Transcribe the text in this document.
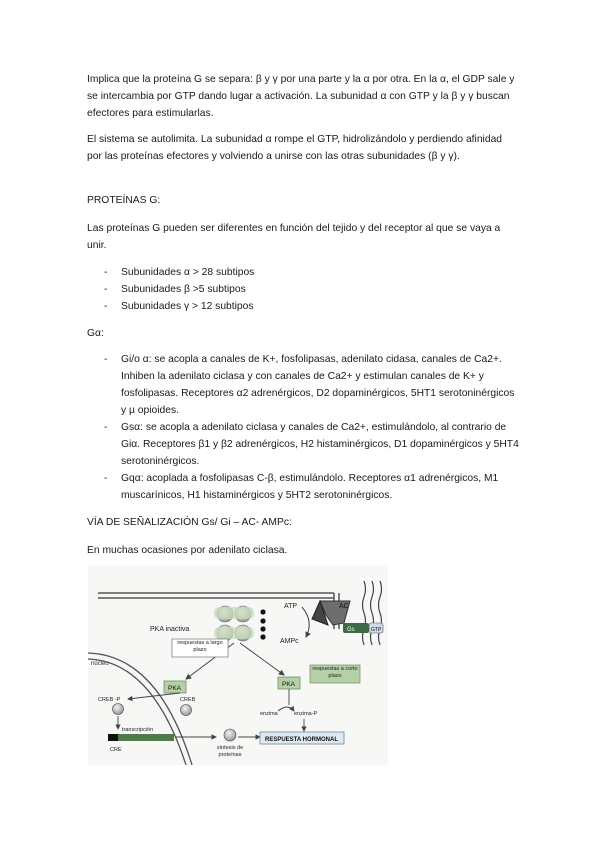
Implica que la proteína G se separa: β y γ por una parte y la α por otra. En la α, el GDP sale y se intercambia por GTP dando lugar a activación. La subunidad α con GTP y la β y γ buscan efectores para estimularlas.

El sistema se autolimita. La subunidad α rompe el GTP, hidrolizándolo y perdiendo afinidad por las proteínas efectores y volviendo a unirse con las otras subunidades (β y γ).

PROTEÍNAS G:

Las proteínas G pueden ser diferentes en función del tejido y del receptor al que se vaya a unir.

- Subunidades α > 28 subtipos
- Subunidades β >5 subtipos
- Subunidades γ > 12 subtipos

Gα:

- Gi/o α: se acopla a canales de K+, fosfolipasas, adenilato cidasa, canales de Ca2+. Inhiben la adenilato ciclasa y con canales de Ca2+ y estimulan canales de K+ y fosfolipasas. Receptores α2 adrenérgicos, D2 dopaminérgicos, 5HT1 serotoninérgicos y µ opioides.
- Gsα: se acopla a adenilato ciclasa y canales de Ca2+, estimulándolo, al contrario de Giα. Receptores β1 y β2 adrenérgicos, H2 histaminérgicos, D1 dopaminérgicos y 5HT4 serotoninérgicos.
- Gqα: acoplada a fosfolipasas C-β, estimulándolo. Receptores α1 adrenérgicos, M1 muscarínicos, H1 histaminérgicos y 5HT2 serotoninérgicos.

VÍA DE SEÑALIZACIÓN Gs/ Gi – AC- AMPc:

En muchas ocasiones por adenilato ciclasa.

AC
Gs	GTP
ATP
AMPc
PKA inactiva
núcleo
respuestas a largo plazo
respuestas a corto plazo
PKA
PKA
CREB -P	CREB
transcripción
CRE	síntesis de proteínas
enzima	enzima-P
RESPUESTA HORMONAL
